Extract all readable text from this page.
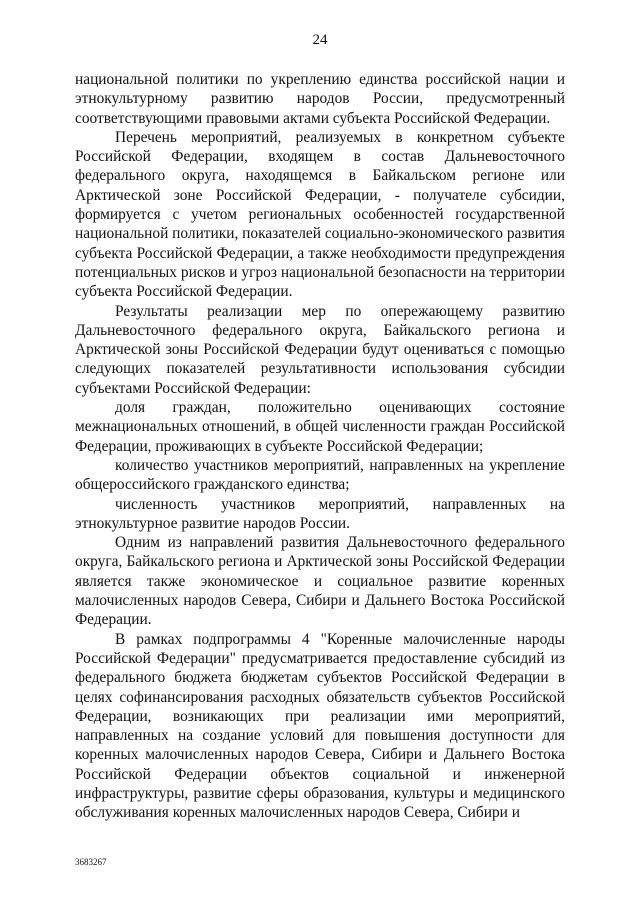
24

национальной политики по укреплению единства российской нации и этнокультурному развитию народов России, предусмотренный соответствующими правовыми актами субъекта Российской Федерации.

Перечень мероприятий, реализуемых в конкретном субъекте Российской Федерации, входящем в состав Дальневосточного федерального округа, находящемся в Байкальском регионе или Арктической зоне Российской Федерации, - получателе субсидии, формируется с учетом региональных особенностей государственной национальной политики, показателей социально-экономического развития субъекта Российской Федерации, а также необходимости предупреждения потенциальных рисков и угроз национальной безопасности на территории субъекта Российской Федерации.

Результаты реализации мер по опережающему развитию Дальневосточного федерального округа, Байкальского региона и Арктической зоны Российской Федерации будут оцениваться с помощью следующих показателей результативности использования субсидии субъектами Российской Федерации:

доля граждан, положительно оценивающих состояние межнациональных отношений, в общей численности граждан Российской Федерации, проживающих в субъекте Российской Федерации;

количество участников мероприятий, направленных на укрепление общероссийского гражданского единства;

численность участников мероприятий, направленных на этнокультурное развитие народов России.

Одним из направлений развития Дальневосточного федерального округа, Байкальского региона и Арктической зоны Российской Федерации является также экономическое и социальное развитие коренных малочисленных народов Севера, Сибири и Дальнего Востока Российской Федерации.

В рамках подпрограммы 4 "Коренные малочисленные народы Российской Федерации" предусматривается предоставление субсидий из федерального бюджета бюджетам субъектов Российской Федерации в целях софинансирования расходных обязательств субъектов Российской Федерации, возникающих при реализации ими мероприятий, направленных на создание условий для повышения доступности для коренных малочисленных народов Севера, Сибири и Дальнего Востока Российской Федерации объектов социальной и инженерной инфраструктуры, развитие сферы образования, культуры и медицинского обслуживания коренных малочисленных народов Севера, Сибири и

3683267
